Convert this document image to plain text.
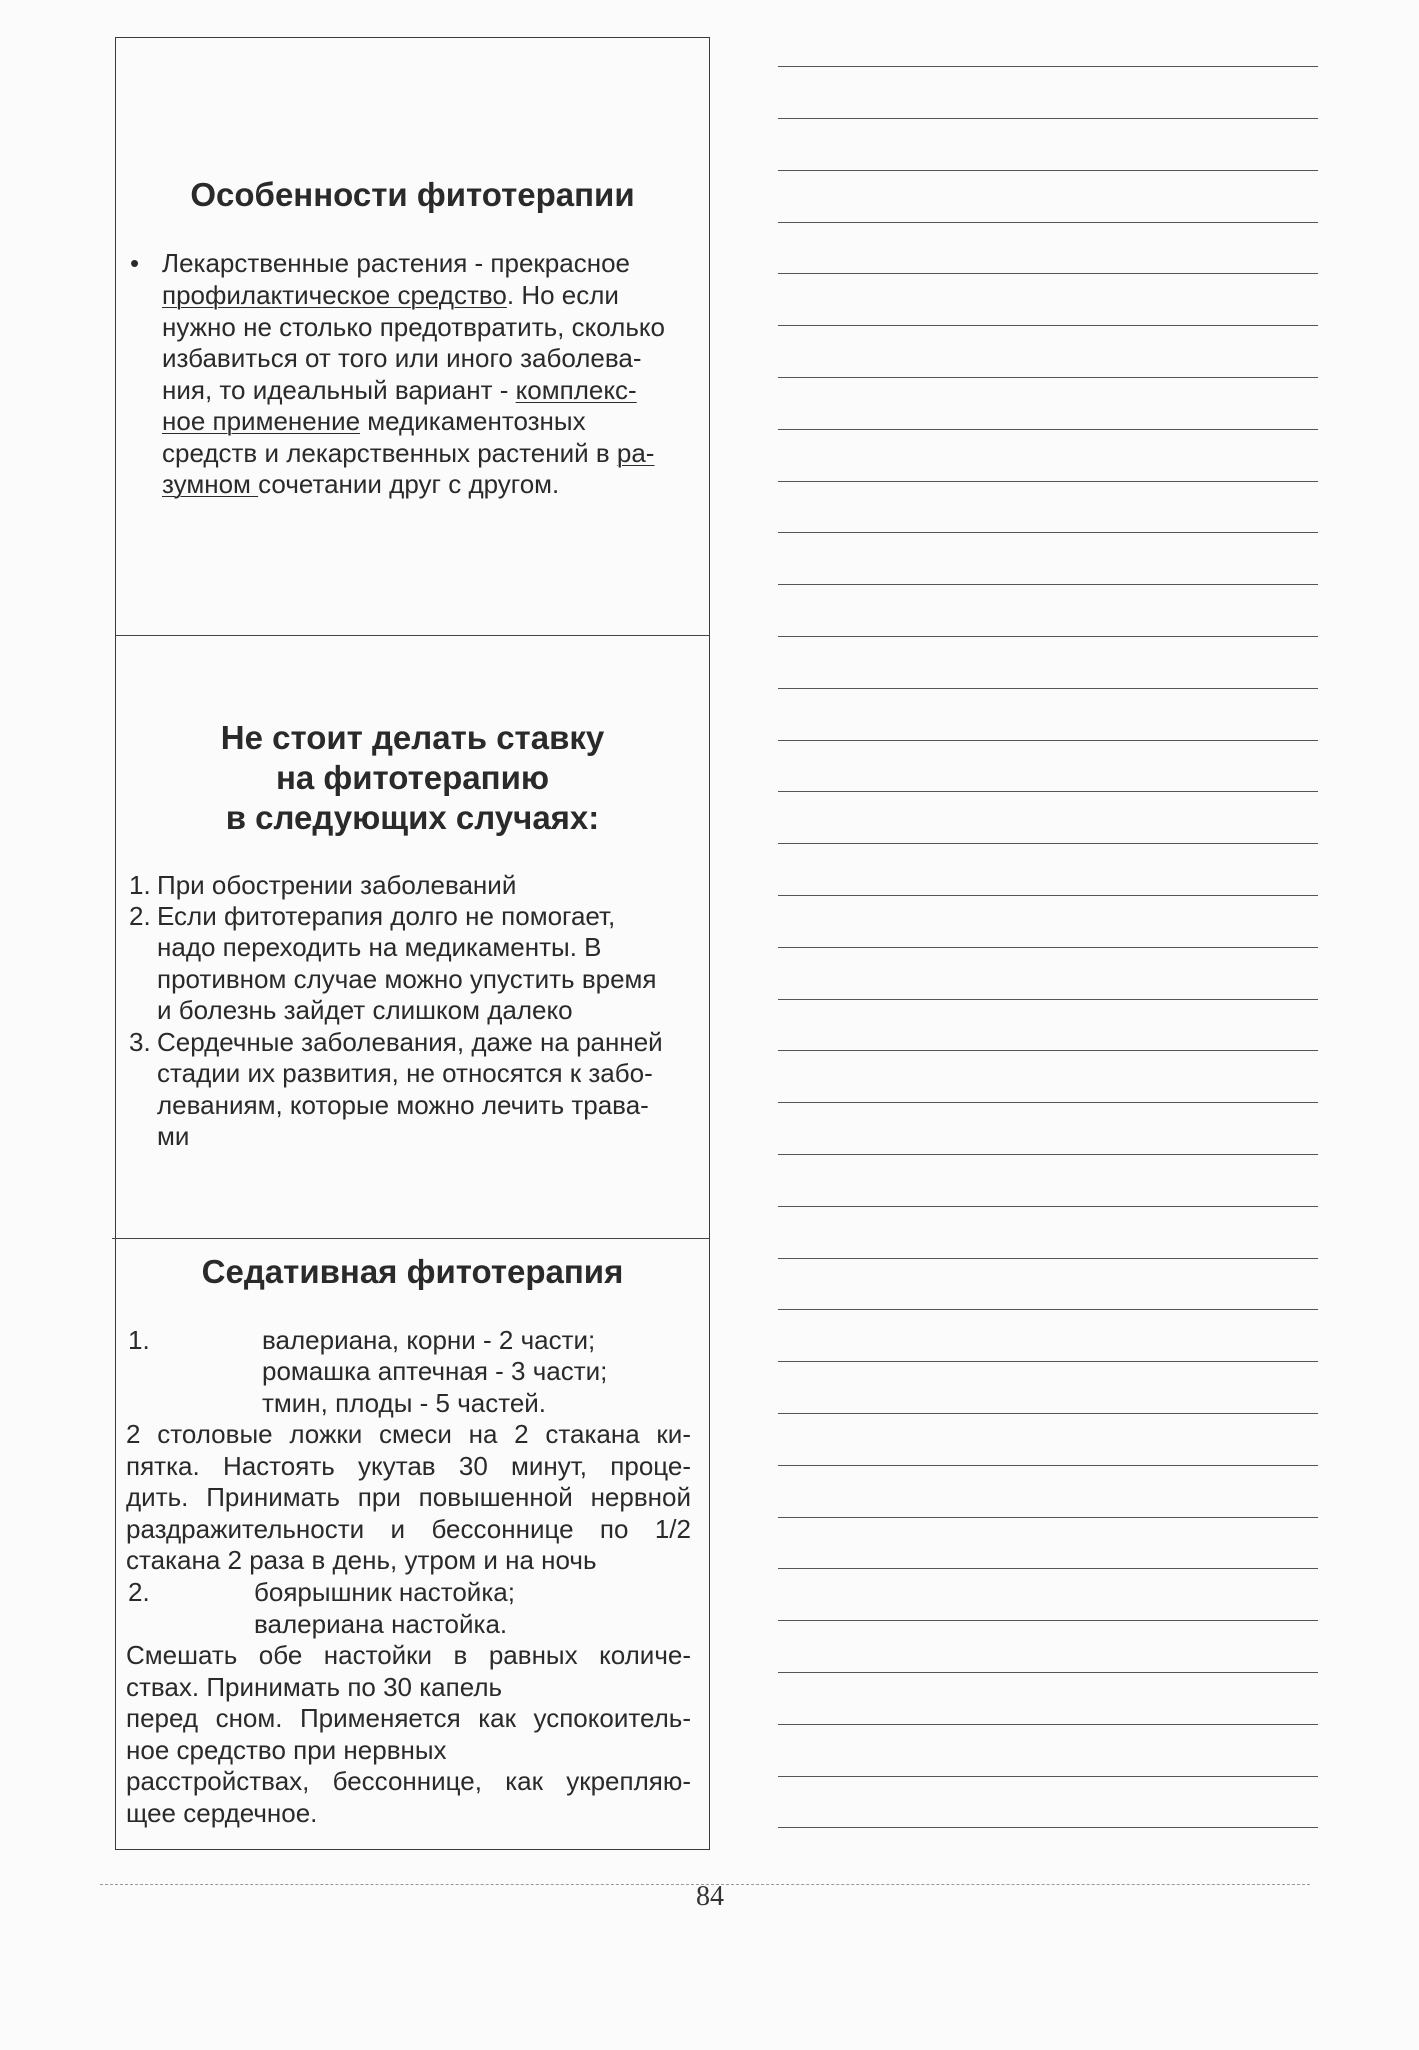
Особенности фитотерапии
• Лекарственные растения - прекрасное
профилактическое средство. Но если
нужно не столько предотвратить, сколько
избавиться от того или иного заболева-
ния, то идеальный вариант - комплекс-
ное применение медикаментозных
средств и лекарственных растений в ра-
зумном сочетании друг с другом.
Не стоит делать ставку
на фитотерапию
в следующих случаях:
1. При обострении заболеваний
2. Если фитотерапия долго не помогает,
надо переходить на медикаменты. В
противном случае можно упустить время
и болезнь зайдет слишком далеко
3. Сердечные заболевания, даже на ранней
стадии их развития, не относятся к забо-
леваниям, которые можно лечить трава-
ми
Седативная фитотерапия
1.	валериана, корни - 2 части;
ромашка аптечная - 3 части;
тмин, плоды - 5 частей.
2 столовые ложки смеси на 2 стакана ки-
пятка. Настоять укутав 30 минут, проце-
дить. Принимать при повышенной нервной
раздражительности и бессоннице по 1/2
стакана 2 раза в день, утром и на ночь
2.	боярышник настойка;
валериана настойка.
Смешать обе настойки в равных количе-
ствах. Принимать по 30 капель
перед сном. Применяется как успокоитель-
ное средство при нервных
расстройствах, бессоннице, как укрепляю-
щее сердечное.
84
